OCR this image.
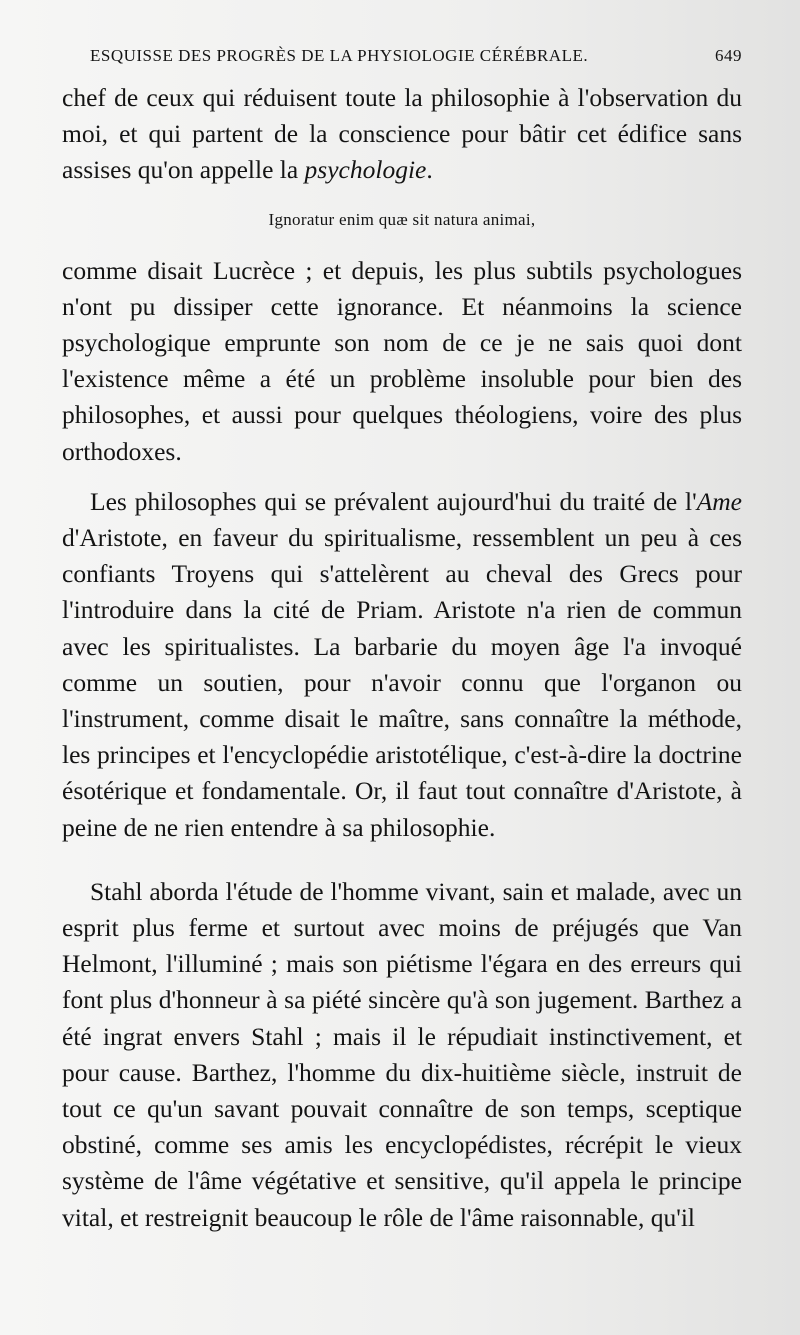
ESQUISSE DES PROGRÈS DE LA PHYSIOLOGIE CÉRÉBRALE.	649

chef de ceux qui réduisent toute la philosophie à l'observation du moi, et qui partent de la conscience pour bâtir cet édifice sans assises qu'on appelle la psychologie.

Ignoratur enim quæ sit natura animai,

comme disait Lucrèce ; et depuis, les plus subtils psychologues n'ont pu dissiper cette ignorance. Et néanmoins la science psychologique emprunte son nom de ce je ne sais quoi dont l'existence même a été un problème insoluble pour bien des philosophes, et aussi pour quelques théologiens, voire des plus orthodoxes.

Les philosophes qui se prévalent aujourd'hui du traité de l'Ame d'Aristote, en faveur du spiritualisme, ressemblent un peu à ces confiants Troyens qui s'attelèrent au cheval des Grecs pour l'introduire dans la cité de Priam. Aristote n'a rien de commun avec les spiritualistes. La barbarie du moyen âge l'a invoqué comme un soutien, pour n'avoir connu que l'organon ou l'instrument, comme disait le maître, sans connaître la méthode, les principes et l'encyclopédie aristotélique, c'est-à-dire la doctrine ésotérique et fondamentale. Or, il faut tout connaître d'Aristote, à peine de ne rien entendre à sa philosophie.

Stahl aborda l'étude de l'homme vivant, sain et malade, avec un esprit plus ferme et surtout avec moins de préjugés que Van Helmont, l'illuminé ; mais son piétisme l'égara en des erreurs qui font plus d'honneur à sa piété sincère qu'à son jugement. Barthez a été ingrat envers Stahl ; mais il le répudiait instinctivement, et pour cause. Barthez, l'homme du dix-huitième siècle, instruit de tout ce qu'un savant pouvait connaître de son temps, sceptique obstiné, comme ses amis les encyclopédistes, récrépit le vieux système de l'âme végétative et sensitive, qu'il appela le principe vital, et restreignit beaucoup le rôle de l'âme raisonnable, qu'il
